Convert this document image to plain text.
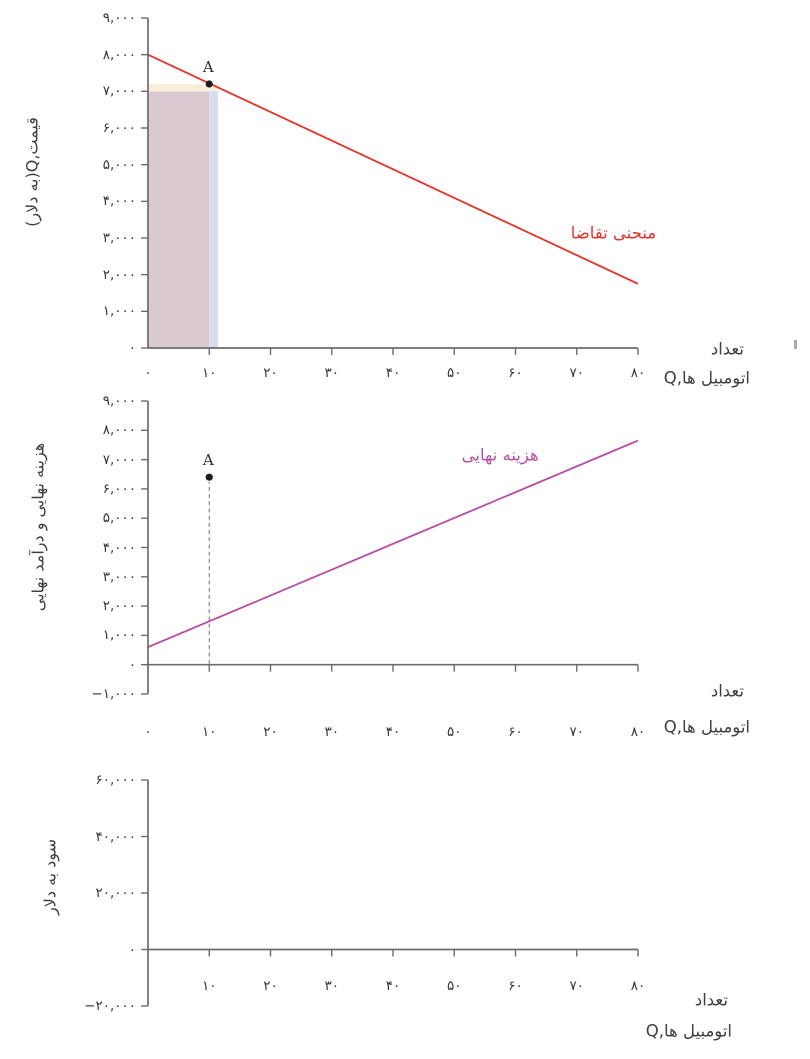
قیمت,Q(به دلار)
هزینه نهایی و درآمد نهایی
سود به دلار
تعداد
اتومبیل ها,Q
تعداد
اتومبیل ها,Q
تعداد
اتومبیل ها,Q
منحنی تقاضا
۹,۰۰۰
۸,۰۰۰
۷,۰۰۰
۶,۰۰۰
۵,۰۰۰
۴,۰۰۰
۳,۰۰۰
۲,۰۰۰
۱,۰۰۰
۰
۰	۱۰	۲۰	۳۰	۴۰	۵۰	۶۰	۷۰	۸۰
A
هزینه نهایی
۹,۰۰۰
۸,۰۰۰
۷,۰۰۰
۶,۰۰۰
۵,۰۰۰
۴,۰۰۰
۳,۰۰۰
۲,۰۰۰
۱,۰۰۰
۰
−۱,۰۰۰
۰	۱۰	۲۰	۳۰	۴۰	۵۰	۶۰	۷۰	۸۰
A
۶۰,۰۰۰
۴۰,۰۰۰
۲۰,۰۰۰
۰
−۲۰,۰۰۰
۱۰	۲۰	۳۰	۴۰	۵۰	۶۰	۷۰	۸۰
